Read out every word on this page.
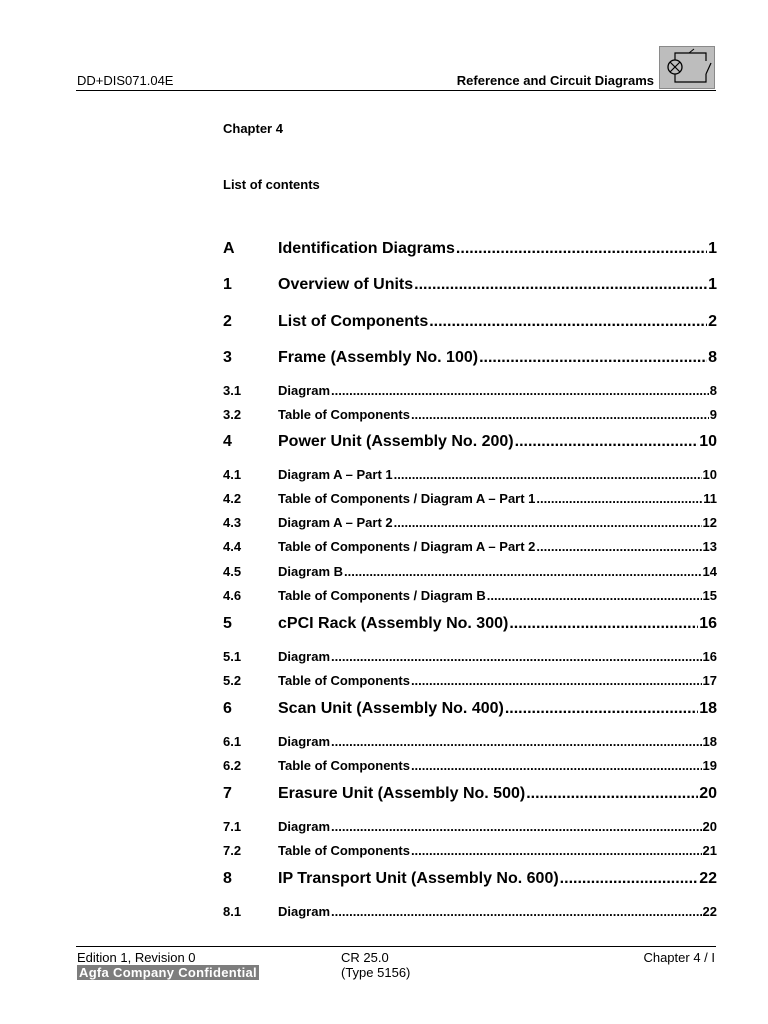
DD+DIS071.04E	Reference and Circuit Diagrams
Chapter 4
List of contents
A	Identification Diagrams .....	1
1	Overview of Units .....	1
2	List of Components .....	2
3	Frame (Assembly No. 100) .....	8
3.1	Diagram .....	8
3.2	Table of Components .....	9
4	Power Unit (Assembly No. 200) .....	10
4.1	Diagram A – Part 1 .....	10
4.2	Table of Components / Diagram A – Part 1 .....	11
4.3	Diagram A – Part 2 .....	12
4.4	Table of Components / Diagram A – Part 2 .....	13
4.5	Diagram B .....	14
4.6	Table of Components / Diagram B .....	15
5	cPCI Rack (Assembly No. 300) .....	16
5.1	Diagram .....	16
5.2	Table of Components .....	17
6	Scan Unit (Assembly No. 400) .....	18
6.1	Diagram .....	18
6.2	Table of Components .....	19
7	Erasure Unit (Assembly No. 500) .....	20
7.1	Diagram .....	20
7.2	Table of Components .....	21
8	IP Transport Unit (Assembly No. 600) .....	22
8.1	Diagram .....	22
Edition 1, Revision 0
Agfa Company Confidential
CR 25.0
(Type 5156)
Chapter 4 / I
